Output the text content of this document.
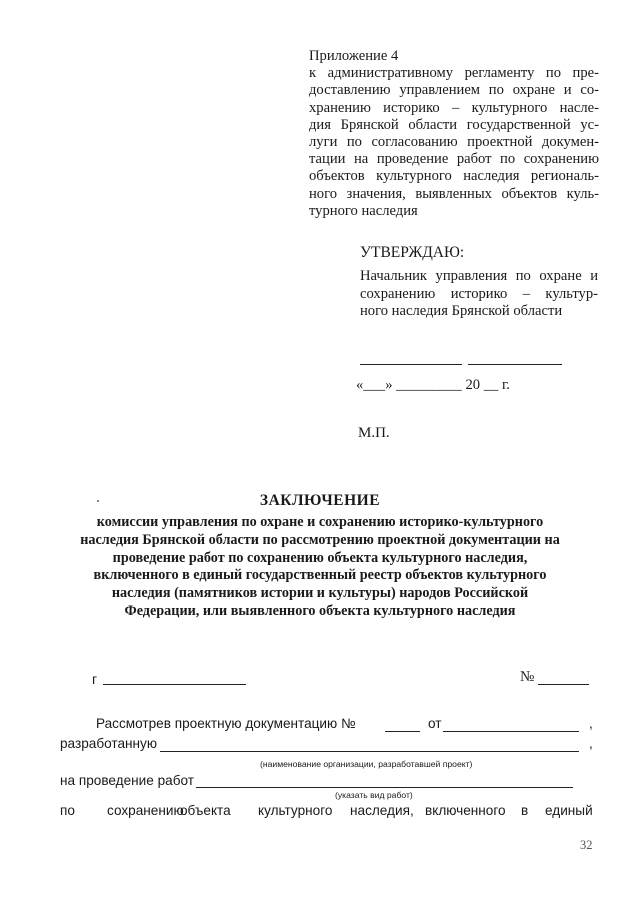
Приложение 4
к административному регламенту по пре-
доставлению управлением по охране и со-
хранению историко – культурного насле-
дия Брянской области государственной ус-
луги по согласованию проектной докумен-
тации на проведение работ по сохранению
объектов культурного наследия региональ-
ного значения, выявленных объектов куль-
турного наследия
УТВЕРЖДАЮ:
Начальник управления по охране и
сохранению историко – культур-
ного наследия Брянской области
«___» _________ 20 __ г.
М.П.
ЗАКЛЮЧЕНИЕ
комиссии управления по охране и сохранению историко-культурного
наследия Брянской области по рассмотрению проектной документации на
проведение работ по сохранению объекта культурного наследия,
включенного в единый государственный реестр объектов культурного
наследия (памятников истории и культуры) народов Российской
Федерации, или выявленного объекта культурного наследия
г	№
Рассмотрев проектную документацию №	от	,
разработанную	,
(наименование организации, разработавшей проект)
на проведение работ
(указать вид работ)
по сохранению
объекта культурного наследия, включенного в единый
32
